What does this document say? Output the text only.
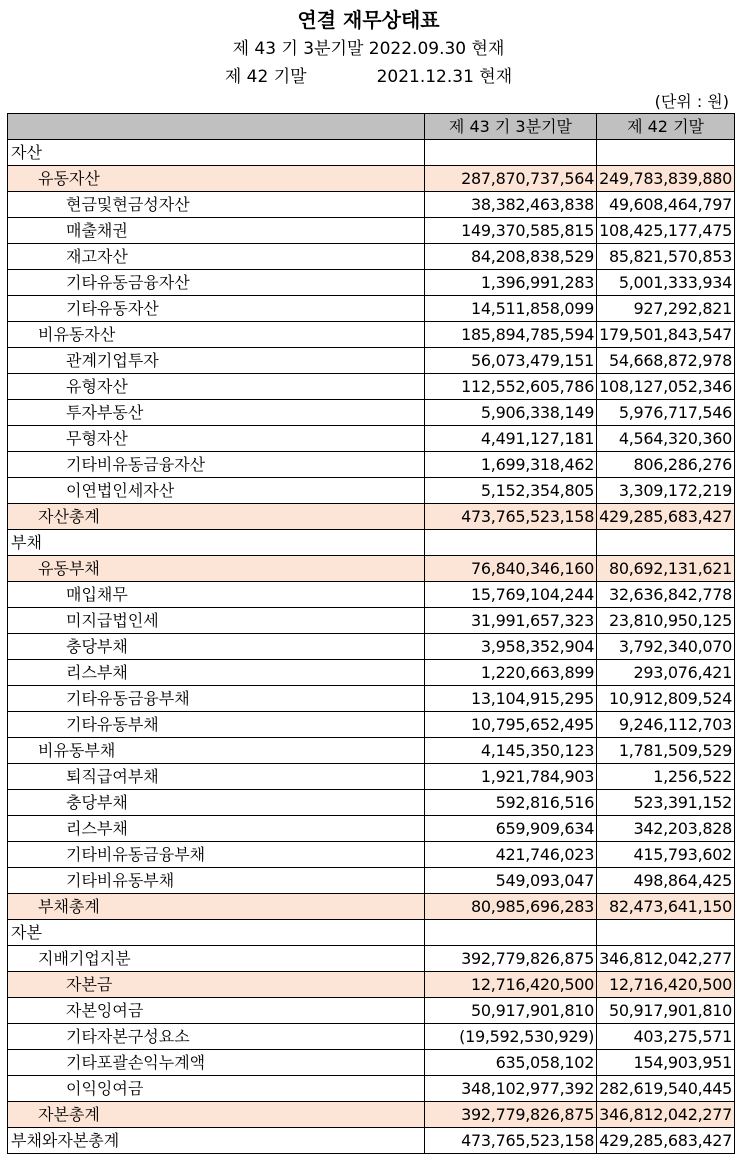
연결 재무상태표
제 43 기 3분기말 2022.09.30 현재
제 42 기말	2021.12.31 현재
(단위 : 원)
	제 43 기 3분기말	제 42 기말
자산		
유동자산	287,870,737,564	249,783,839,880
현금및현금성자산	38,382,463,838	49,608,464,797
매출채권	149,370,585,815	108,425,177,475
재고자산	84,208,838,529	85,821,570,853
기타유동금융자산	1,396,991,283	5,001,333,934
기타유동자산	14,511,858,099	927,292,821
비유동자산	185,894,785,594	179,501,843,547
관계기업투자	56,073,479,151	54,668,872,978
유형자산	112,552,605,786	108,127,052,346
투자부동산	5,906,338,149	5,976,717,546
무형자산	4,491,127,181	4,564,320,360
기타비유동금융자산	1,699,318,462	806,286,276
이연법인세자산	5,152,354,805	3,309,172,219
자산총계	473,765,523,158	429,285,683,427
부채		
유동부채	76,840,346,160	80,692,131,621
매입채무	15,769,104,244	32,636,842,778
미지급법인세	31,991,657,323	23,810,950,125
충당부채	3,958,352,904	3,792,340,070
리스부채	1,220,663,899	293,076,421
기타유동금융부채	13,104,915,295	10,912,809,524
기타유동부채	10,795,652,495	9,246,112,703
비유동부채	4,145,350,123	1,781,509,529
퇴직급여부채	1,921,784,903	1,256,522
충당부채	592,816,516	523,391,152
리스부채	659,909,634	342,203,828
기타비유동금융부채	421,746,023	415,793,602
기타비유동부채	549,093,047	498,864,425
부채총계	80,985,696,283	82,473,641,150
자본		
지배기업지분	392,779,826,875	346,812,042,277
자본금	12,716,420,500	12,716,420,500
자본잉여금	50,917,901,810	50,917,901,810
기타자본구성요소	(19,592,530,929)	403,275,571
기타포괄손익누계액	635,058,102	154,903,951
이익잉여금	348,102,977,392	282,619,540,445
자본총계	392,779,826,875	346,812,042,277
부채와자본총계	473,765,523,158	429,285,683,427
